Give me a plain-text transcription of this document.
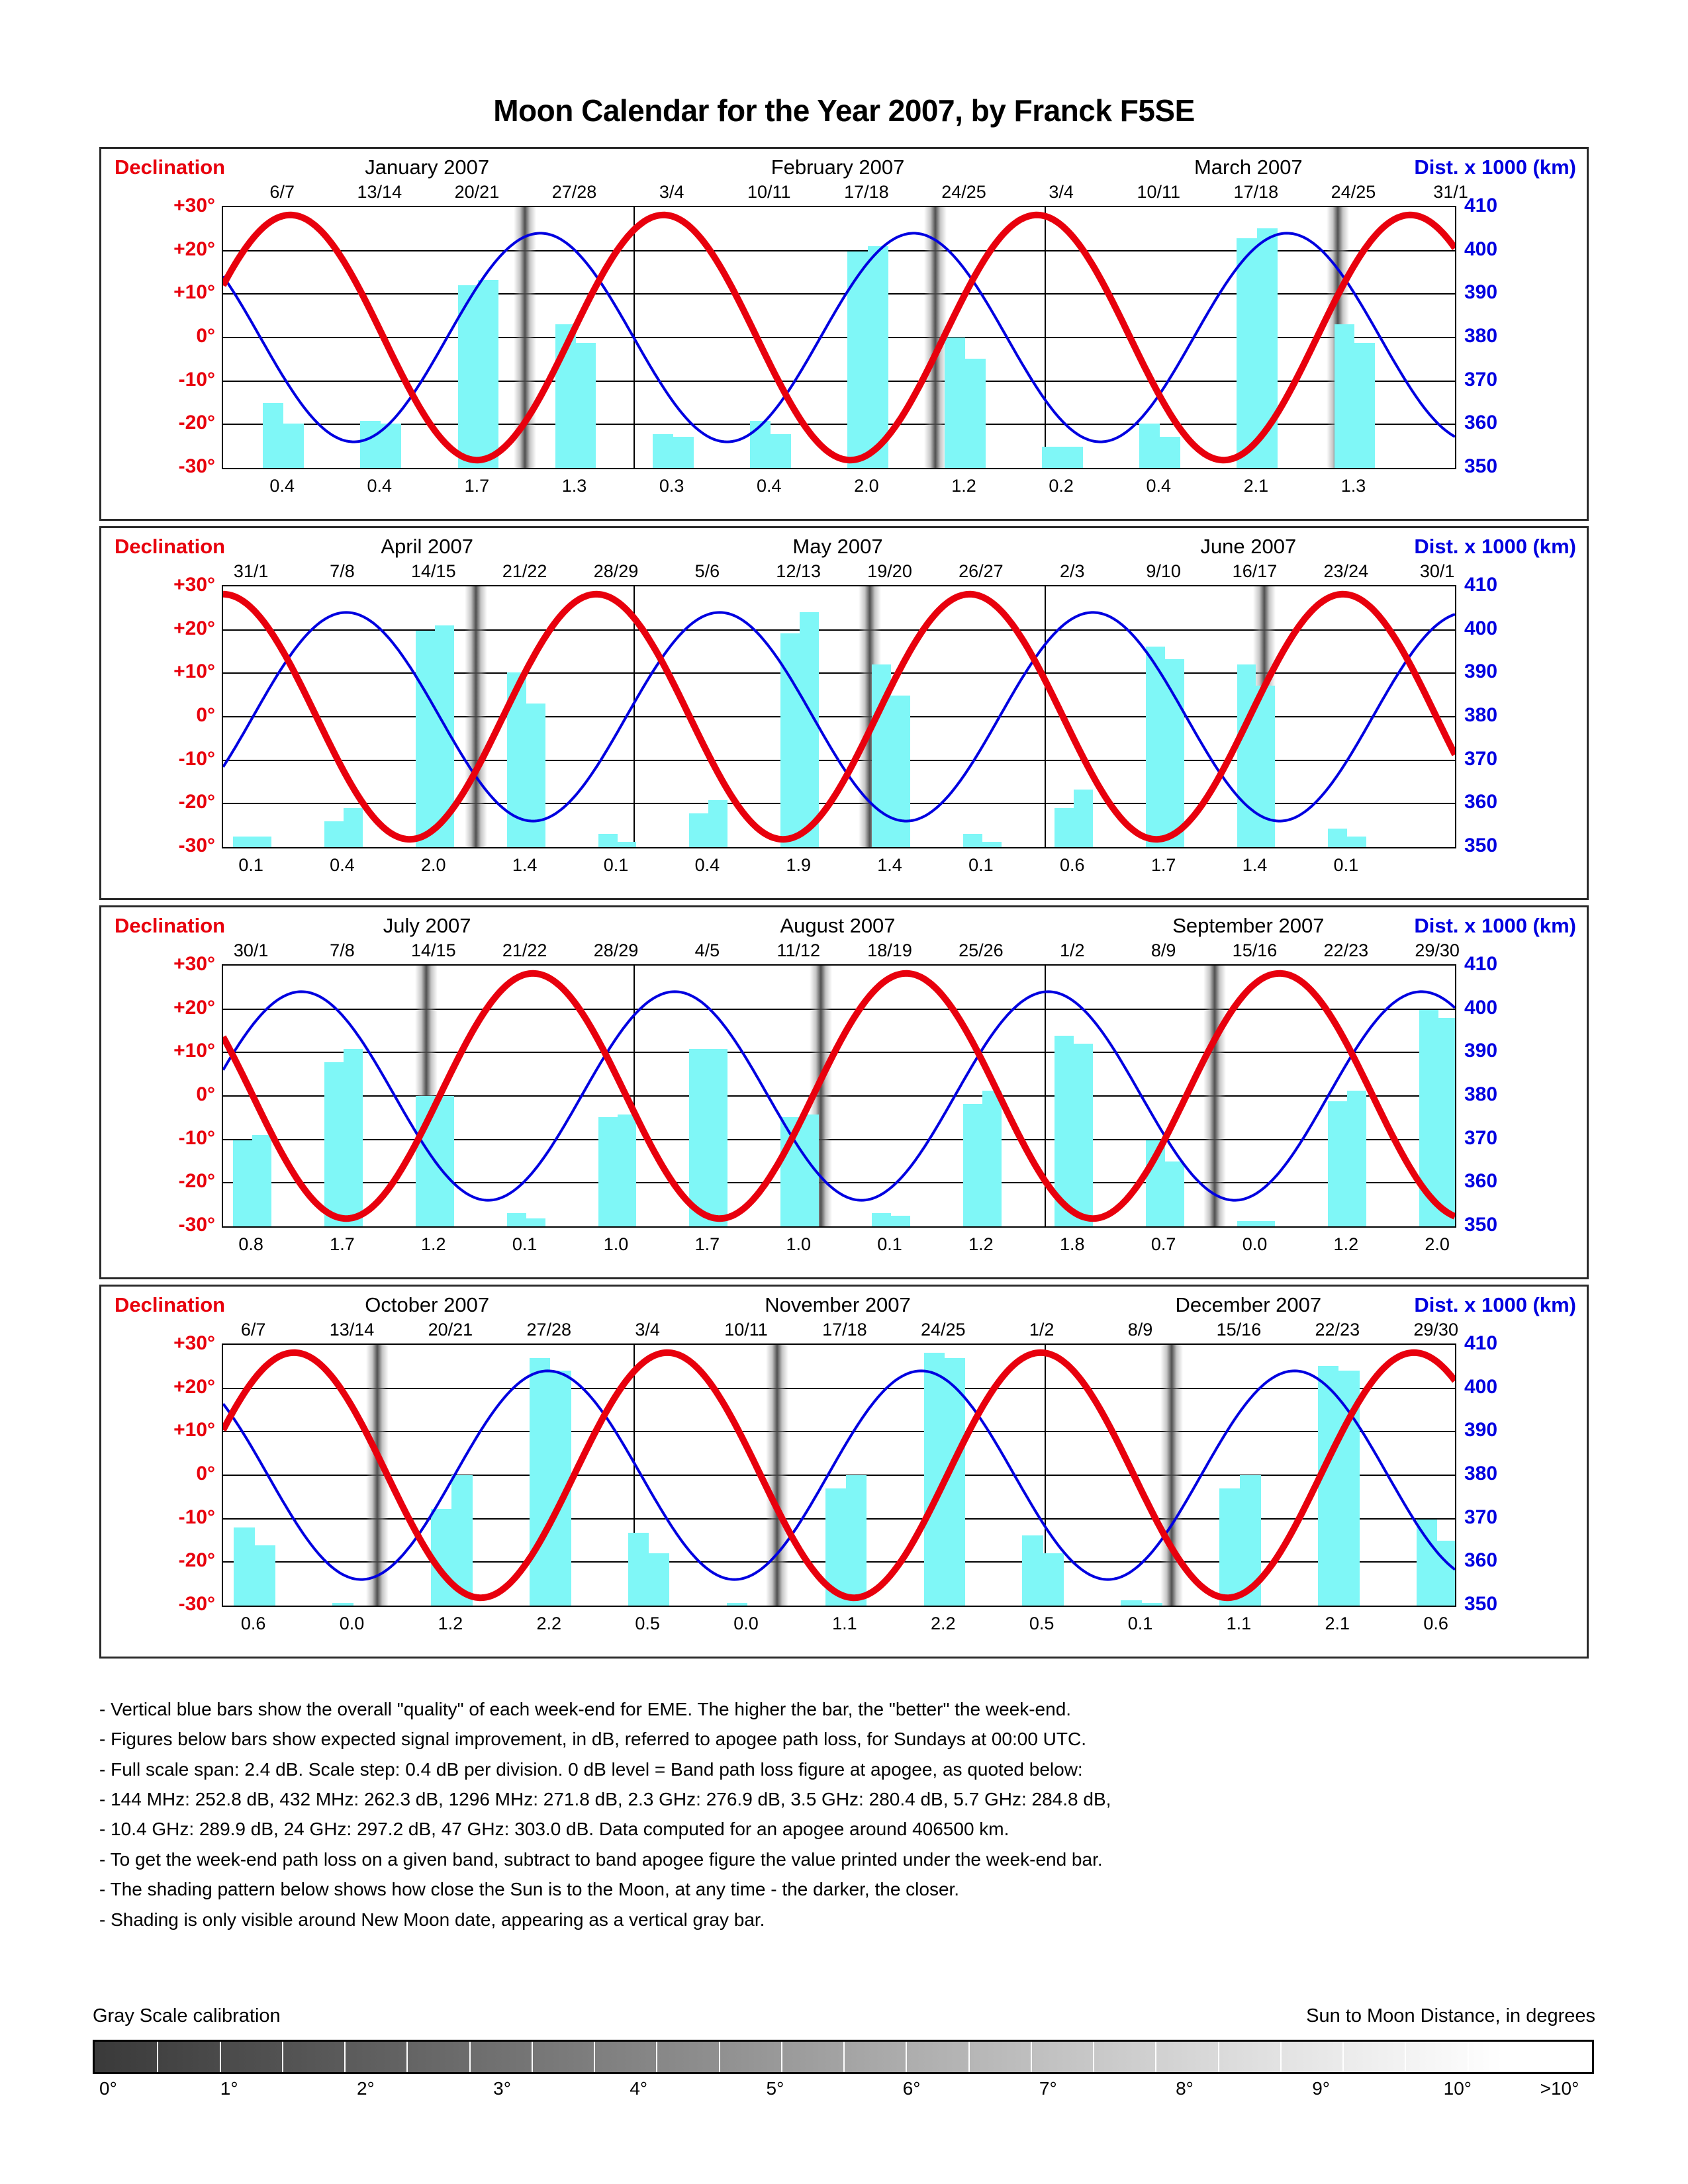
Moon Calendar for the Year 2007, by Franck F5SE
Declination	Dist. x 1000 (km)
January 2007	February 2007	March 2007
+30°
+20°
+10°
0°
-10°
-20°
-30°
410
400
390
380
370
360
350
6/7	13/14	20/21	27/28	3/4	10/11	17/18	24/25	3/4	10/11	17/18	24/25	31/1
0.4	0.4	1.7	1.3	0.3	0.4	2.0	1.2	0.2	0.4	2.1	1.3
Declination	Dist. x 1000 (km)
April 2007	May 2007	June 2007
+30°
+20°
+10°
0°
-10°
-20°
-30°
410
400
390
380
370
360
350
31/1	7/8	14/15	21/22	28/29	5/6	12/13	19/20	26/27	2/3	9/10	16/17	23/24	30/1
0.1	0.4	2.0	1.4	0.1	0.4	1.9	1.4	0.1	0.6	1.7	1.4	0.1
Declination	Dist. x 1000 (km)
July 2007	August 2007	September 2007
+30°
+20°
+10°
0°
-10°
-20°
-30°
410
400
390
380
370
360
350
30/1	7/8	14/15	21/22	28/29	4/5	11/12	18/19	25/26	1/2	8/9	15/16	22/23	29/30
0.8	1.7	1.2	0.1	1.0	1.7	1.0	0.1	1.2	1.8	0.7	0.0	1.2	2.0
Declination	Dist. x 1000 (km)
October 2007	November 2007	December 2007
+30°
+20°
+10°
0°
-10°
-20°
-30°
410
400
390
380
370
360
350
6/7	13/14	20/21	27/28	3/4	10/11	17/18	24/25	1/2	8/9	15/16	22/23	29/30
0.6	0.0	1.2	2.2	0.5	0.0	1.1	2.2	0.5	0.1	1.1	2.1	0.6
- Vertical blue bars show the overall "quality" of each week-end for EME. The higher the bar, the "better" the week-end.
- Figures below bars show expected signal improvement, in dB, referred to apogee path loss, for Sundays at 00:00 UTC.
- Full scale span: 2.4 dB. Scale step: 0.4 dB per division. 0 dB level = Band path loss figure at apogee, as quoted below:
- 144 MHz: 252.8 dB, 432 MHz: 262.3 dB, 1296 MHz: 271.8 dB, 2.3 GHz: 276.9 dB, 3.5 GHz: 280.4 dB, 5.7 GHz: 284.8 dB,
- 10.4 GHz: 289.9 dB, 24 GHz: 297.2 dB, 47 GHz: 303.0 dB. Data computed for an apogee around 406500 km.
- To get the week-end path loss on a given band, subtract to band apogee figure the value printed under the week-end bar.
- The shading pattern below shows how close the Sun is to the Moon, at any time - the darker, the closer.
- Shading is only visible around New Moon date, appearing as a vertical gray bar.
Gray Scale calibration	Sun to Moon Distance, in degrees
0°	1°	2°	3°	4°	5°	6°	7°	8°	9°	10°	>10°
